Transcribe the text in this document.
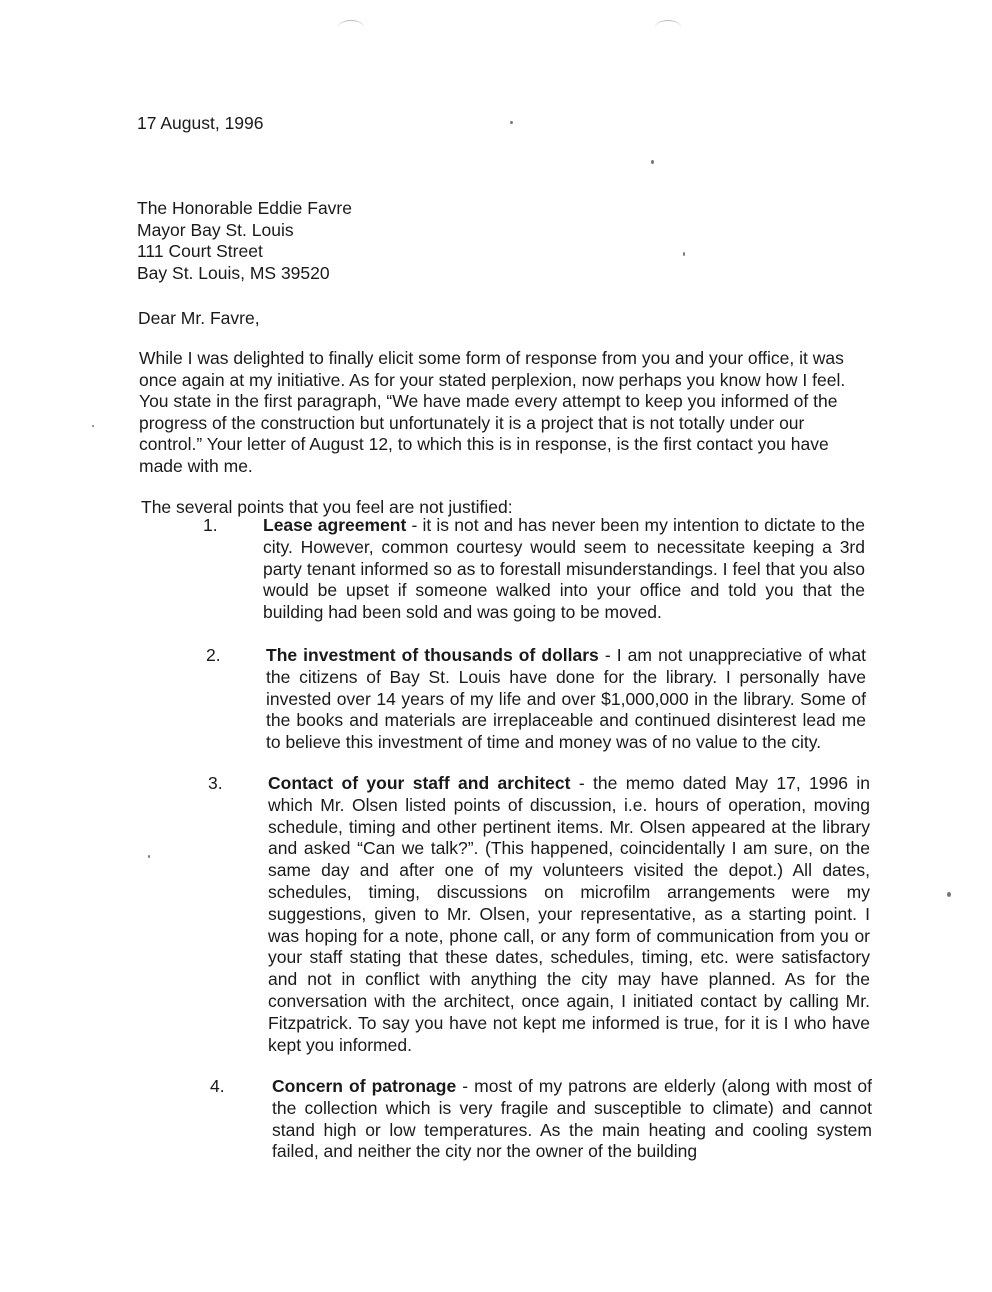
17 August, 1996
The Honorable Eddie Favre
Mayor Bay St. Louis
111 Court Street
Bay St. Louis, MS 39520
Dear Mr. Favre,
While I was delighted to finally elicit some form of response from you and your office, it was once again at my initiative. As for your stated perplexion, now perhaps you know how I feel. You state in the first paragraph, “We have made every attempt to keep you informed of the progress of the construction but unfortunately it is a project that is not totally under our control.” Your letter of August 12, to which this is in response, is the first contact you have made with me.
The several points that you feel are not justified:
1.	Lease agreement - it is not and has never been my intention to dictate to the city. However, common courtesy would seem to necessitate keeping a 3rd party tenant informed so as to forestall misunderstandings. I feel that you also would be upset if someone walked into your office and told you that the building had been sold and was going to be moved.
2.	The investment of thousands of dollars - I am not unappreciative of what the citizens of Bay St. Louis have done for the library. I personally have invested over 14 years of my life and over $1,000,000 in the library. Some of the books and materials are irreplaceable and continued disinterest lead me to believe this investment of time and money was of no value to the city.
3.	Contact of your staff and architect - the memo dated May 17, 1996 in which Mr. Olsen listed points of discussion, i.e. hours of operation, moving schedule, timing and other pertinent items. Mr. Olsen appeared at the library and asked “Can we talk?”. (This happened, coincidentally I am sure, on the same day and after one of my volunteers visited the depot.) All dates, schedules, timing, discussions on microfilm arrangements were my suggestions, given to Mr. Olsen, your representative, as a starting point. I was hoping for a note, phone call, or any form of communication from you or your staff stating that these dates, schedules, timing, etc. were satisfactory and not in conflict with anything the city may have planned. As for the conversation with the architect, once again, I initiated contact by calling Mr. Fitzpatrick. To say you have not kept me informed is true, for it is I who have kept you informed.
4.	Concern of patronage - most of my patrons are elderly (along with most of the collection which is very fragile and susceptible to climate) and cannot stand high or low temperatures. As the main heating and cooling system failed, and neither the city nor the owner of the building
